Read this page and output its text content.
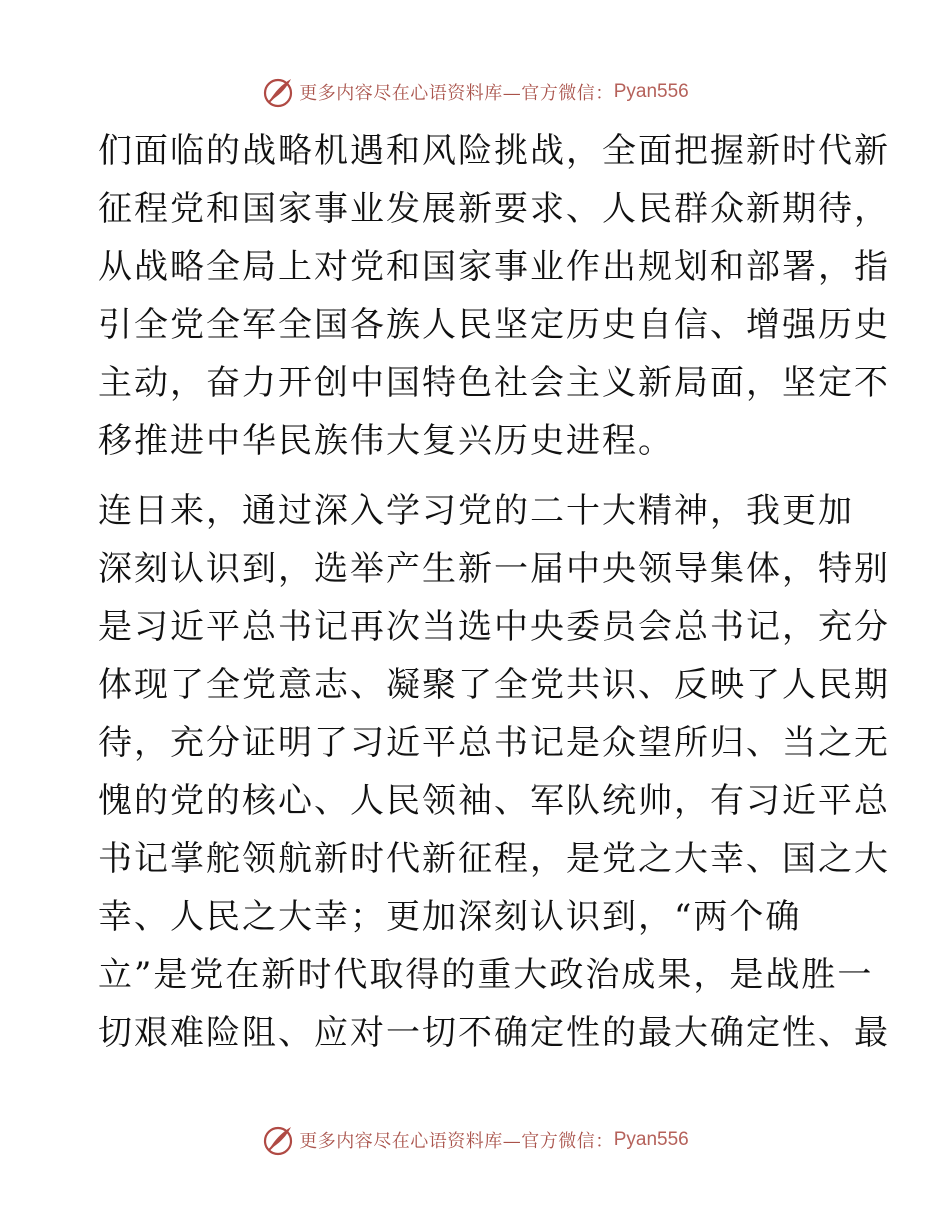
更多内容尽在心语资料库—官方微信： Pyan556

们面临的战略机遇和风险挑战，全面把握新时代新
征程党和国家事业发展新要求、人民群众新期待，
从战略全局上对党和国家事业作出规划和部署，指
引全党全军全国各族人民坚定历史自信、增强历史
主动，奋力开创中国特色社会主义新局面，坚定不
移推进中华民族伟大复兴历史进程。

连日来，通过深入学习党的二十大精神，我更加
深刻认识到，选举产生新一届中央领导集体，特别
是习近平总书记再次当选中央委员会总书记，充分
体现了全党意志、凝聚了全党共识、反映了人民期
待，充分证明了习近平总书记是众望所归、当之无
愧的党的核心、人民领袖、军队统帅，有习近平总
书记掌舵领航新时代新征程，是党之大幸、国之大
幸、人民之大幸；更加深刻认识到，“两个确
立”是党在新时代取得的重大政治成果，是战胜一
切艰难险阻、应对一切不确定性的最大确定性、最

更多内容尽在心语资料库—官方微信： Pyan556
